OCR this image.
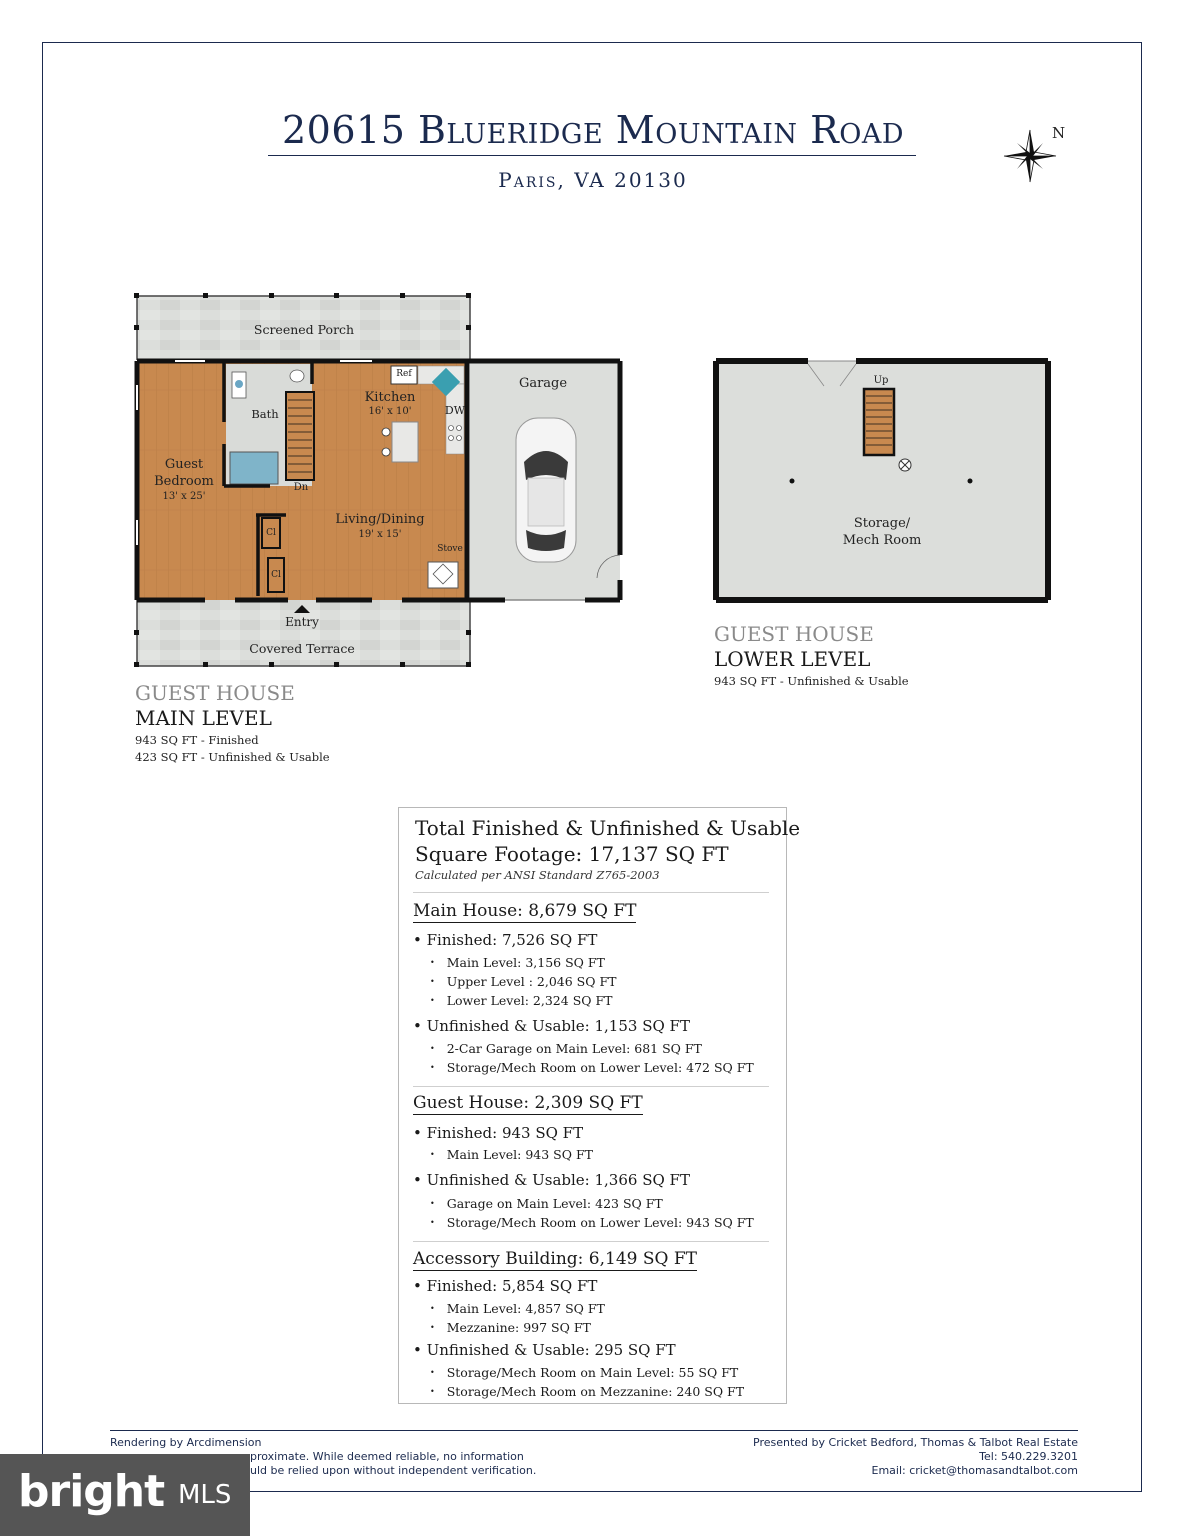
20615 Blueridge Mountain Road
Paris, VA 20130
N
Screened Porch
Ref
Kitchen
16' x 10'	DW
Bath
Guest
Bedroom
13' x 25'
Dn
Living/Dining
19' x 15'
Cl
Cl
Stove
Garage
Entry
Covered Terrace
GUEST HOUSE
MAIN LEVEL
943 SQ FT - Finished
423 SQ FT - Unfinished & Usable
Up
Storage/
Mech Room
GUEST HOUSE
LOWER LEVEL
943 SQ FT - Unfinished & Usable
Total Finished & Unfinished & Usable
Square Footage: 17,137 SQ FT
Calculated per ANSI Standard Z765-2003
Main House: 8,679 SQ FT
• Finished: 7,526 SQ FT
• Main Level: 3,156 SQ FT
• Upper Level : 2,046 SQ FT
• Lower Level: 2,324 SQ FT
• Unfinished & Usable: 1,153 SQ FT
• 2-Car Garage on Main Level: 681 SQ FT
• Storage/Mech Room on Lower Level: 472 SQ FT
Guest House: 2,309 SQ FT
• Finished: 943 SQ FT
• Main Level: 943 SQ FT
• Unfinished & Usable: 1,366 SQ FT
• Garage on Main Level: 423 SQ FT
• Storage/Mech Room on Lower Level: 943 SQ FT
Accessory Building: 6,149 SQ FT
• Finished: 5,854 SQ FT
• Main Level: 4,857 SQ FT
• Mezzanine: 997 SQ FT
• Unfinished & Usable: 295 SQ FT
• Storage/Mech Room on Main Level: 55 SQ FT
• Storage/Mech Room on Mezzanine: 240 SQ FT
Rendering by Arcdimension
proximate. While deemed reliable, no information
uld be relied upon without independent verification.
Presented by Cricket Bedford, Thomas & Talbot Real Estate
Tel: 540.229.3201
Email: cricket@thomasandtalbot.com
bright MLS
